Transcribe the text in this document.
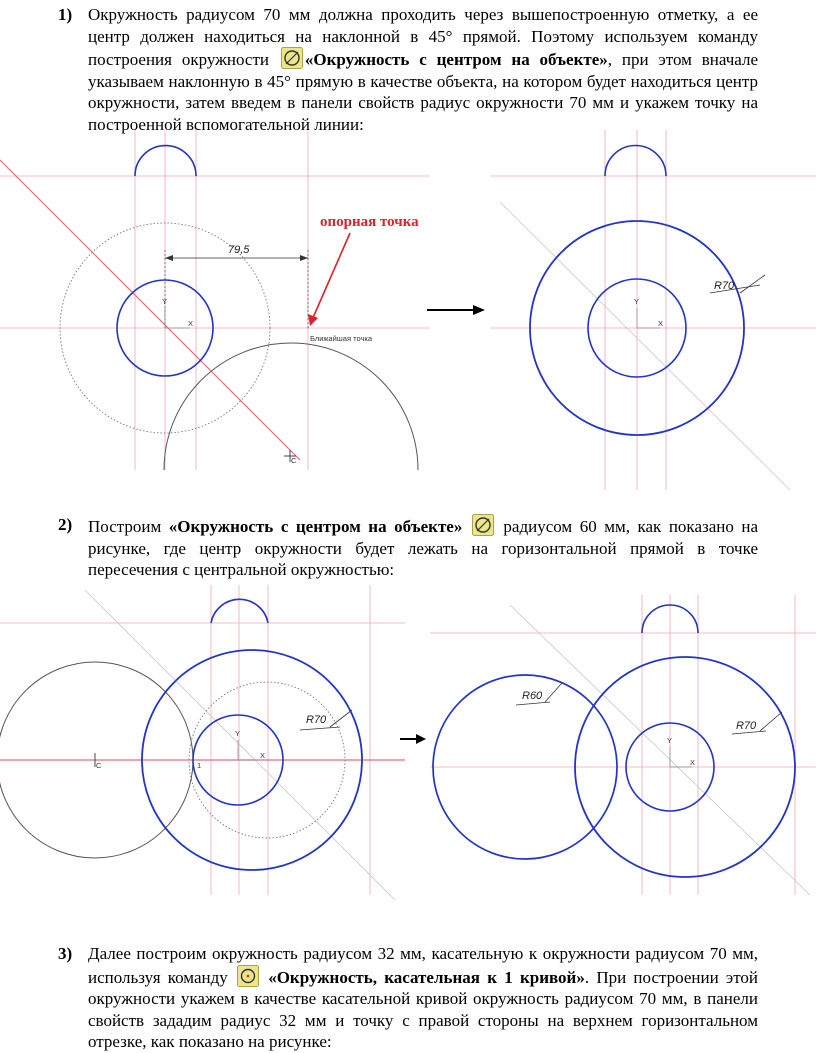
1) Окружность радиусом 70 мм должна проходить через вышепостроенную отметку, а ее центр должен находиться на наклонной в 45° прямой. Поэтому используем команду построения окружности «Окружность с центром на объекте», при этом вначале указываем наклонную в 45° прямую в качестве объекта, на котором будет находиться центр окружности, затем введем в панели свойств радиус окружности 70 мм и укажем точку на построенной вспомогательной линии:
79,5
опорная точка
Ближайшая точка
Y
X
C
R70
Y
X
2) Построим «Окружность с центром на объекте»  радиусом 60 мм, как показано на рисунке, где центр окружности будет лежать на горизонтальной прямой в точке пересечения с центральной окружностью:
R70
C	1
Y
X
R60
R70
Y
X
3) Далее построим окружность радиусом 32 мм, касательную к окружности радиусом 70 мм, используя команду  «Окружность, касательная к 1 кривой». При построении этой окружности укажем в качестве касательной кривой окружность радиусом 70 мм, в панели свойств зададим радиус 32 мм и точку с правой стороны на верхнем горизонтальном отрезке, как показано на рисунке:
